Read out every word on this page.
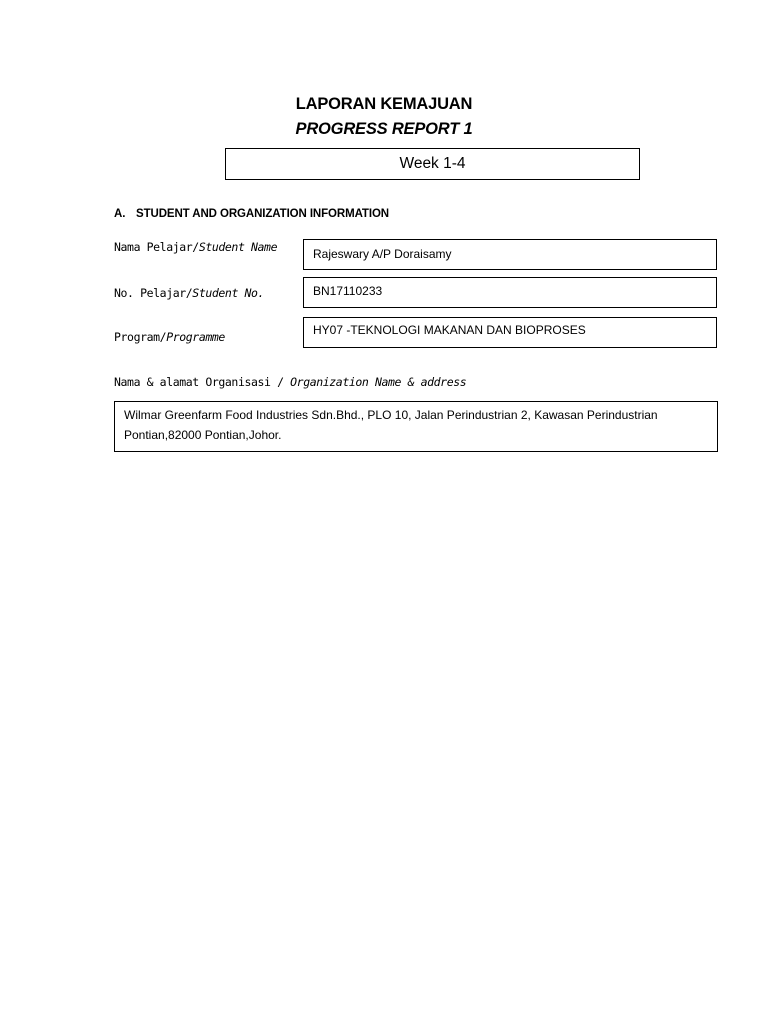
LAPORAN KEMAJUAN
PROGRESS REPORT 1
Week 1-4
A. STUDENT AND ORGANIZATION INFORMATION
Nama Pelajar/Student Name	Rajeswary A/P Doraisamy
No. Pelajar/Student No.	BN17110233
Program/Programme	HY07 -TEKNOLOGI MAKANAN DAN BIOPROSES
Nama & alamat Organisasi / Organization Name & address
Wilmar Greenfarm Food Industries Sdn.Bhd., PLO 10, Jalan Perindustrian 2, Kawasan Perindustrian
Pontian,82000 Pontian,Johor.
